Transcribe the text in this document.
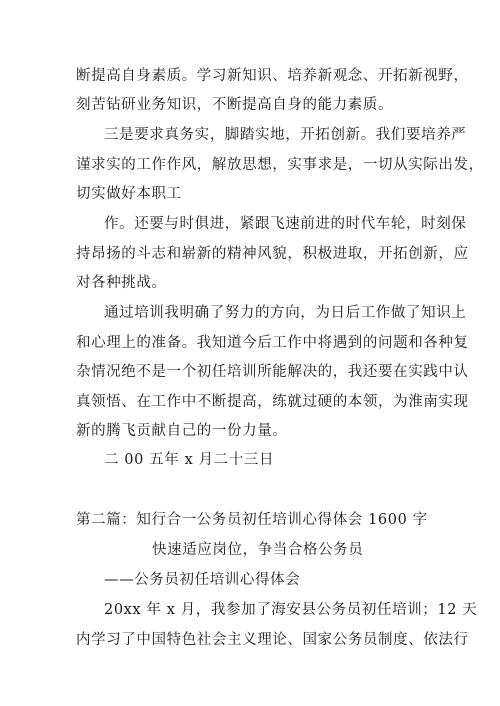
断提高自身素质。学习新知识、培养新观念、开拓新视野，
刻苦钻研业务知识，不断提高自身的能力素质。
三是要求真务实，脚踏实地，开拓创新。我们要培养严
谨求实的工作作风，解放思想，实事求是，一切从实际出发，
切实做好本职工
作。还要与时俱进，紧跟飞速前进的时代车轮，时刻保
持昂扬的斗志和崭新的精神风貌，积极进取，开拓创新，应
对各种挑战。
通过培训我明确了努力的方向，为日后工作做了知识上
和心理上的准备。我知道今后工作中将遇到的问题和各种复
杂情况绝不是一个初任培训所能解决的，我还要在实践中认
真领悟、在工作中不断提高，练就过硬的本领，为淮南实现
新的腾飞贡献自己的一份力量。
二 00 五年 x 月二十三日
第二篇：知行合一公务员初任培训心得体会 1600 字
快速适应岗位，争当合格公务员
——公务员初任培训心得体会
20xx 年 x 月，我参加了海安县公务员初任培训；12 天
内学习了中国特色社会主义理论、国家公务员制度、依法行
